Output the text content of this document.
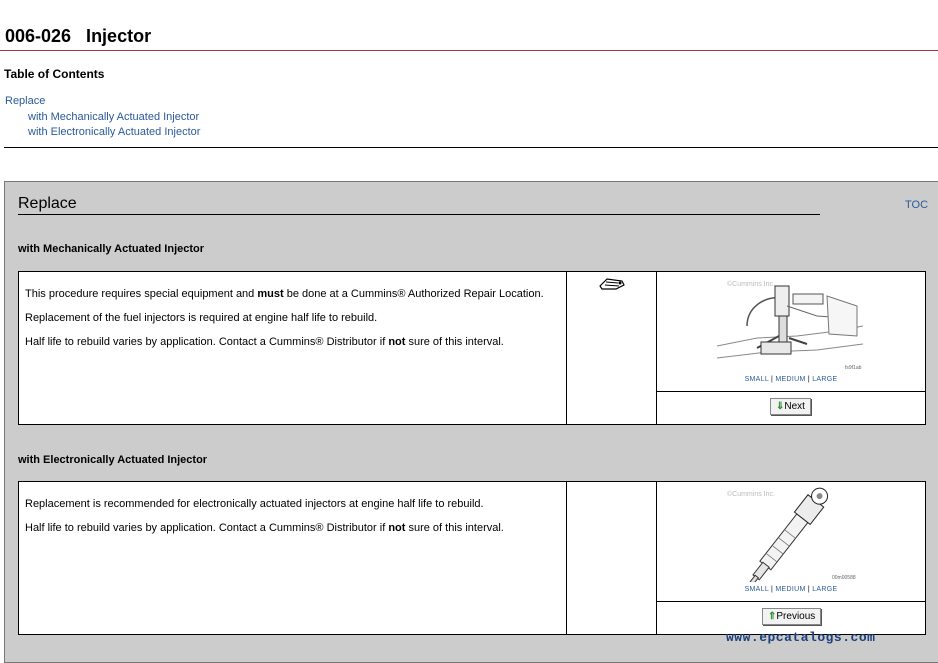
006-026   Injector
Table of Contents
Replace
with Mechanically Actuated Injector
with Electronically Actuated Injector
Replace	TOC
with Mechanically Actuated Injector

This procedure requires special equipment and must be done at a Cummins® Authorized Repair Location.

Replacement of the fuel injectors is required at engine half life to rebuild.

Half life to rebuild varies by application. Contact a Cummins® Distributor if not sure of this interval.

©Cummins Inc.
fs9f1ab
SMALL | MEDIUM | LARGE
⇓Next
with Electronically Actuated Injector

Replacement is recommended for electronically actuated injectors at engine half life to rebuild.

Half life to rebuild varies by application. Contact a Cummins® Distributor if not sure of this interval.

©Cummins Inc.
00m00588
SMALL | MEDIUM | LARGE
⇑Previous
www.epcatalogs.com
